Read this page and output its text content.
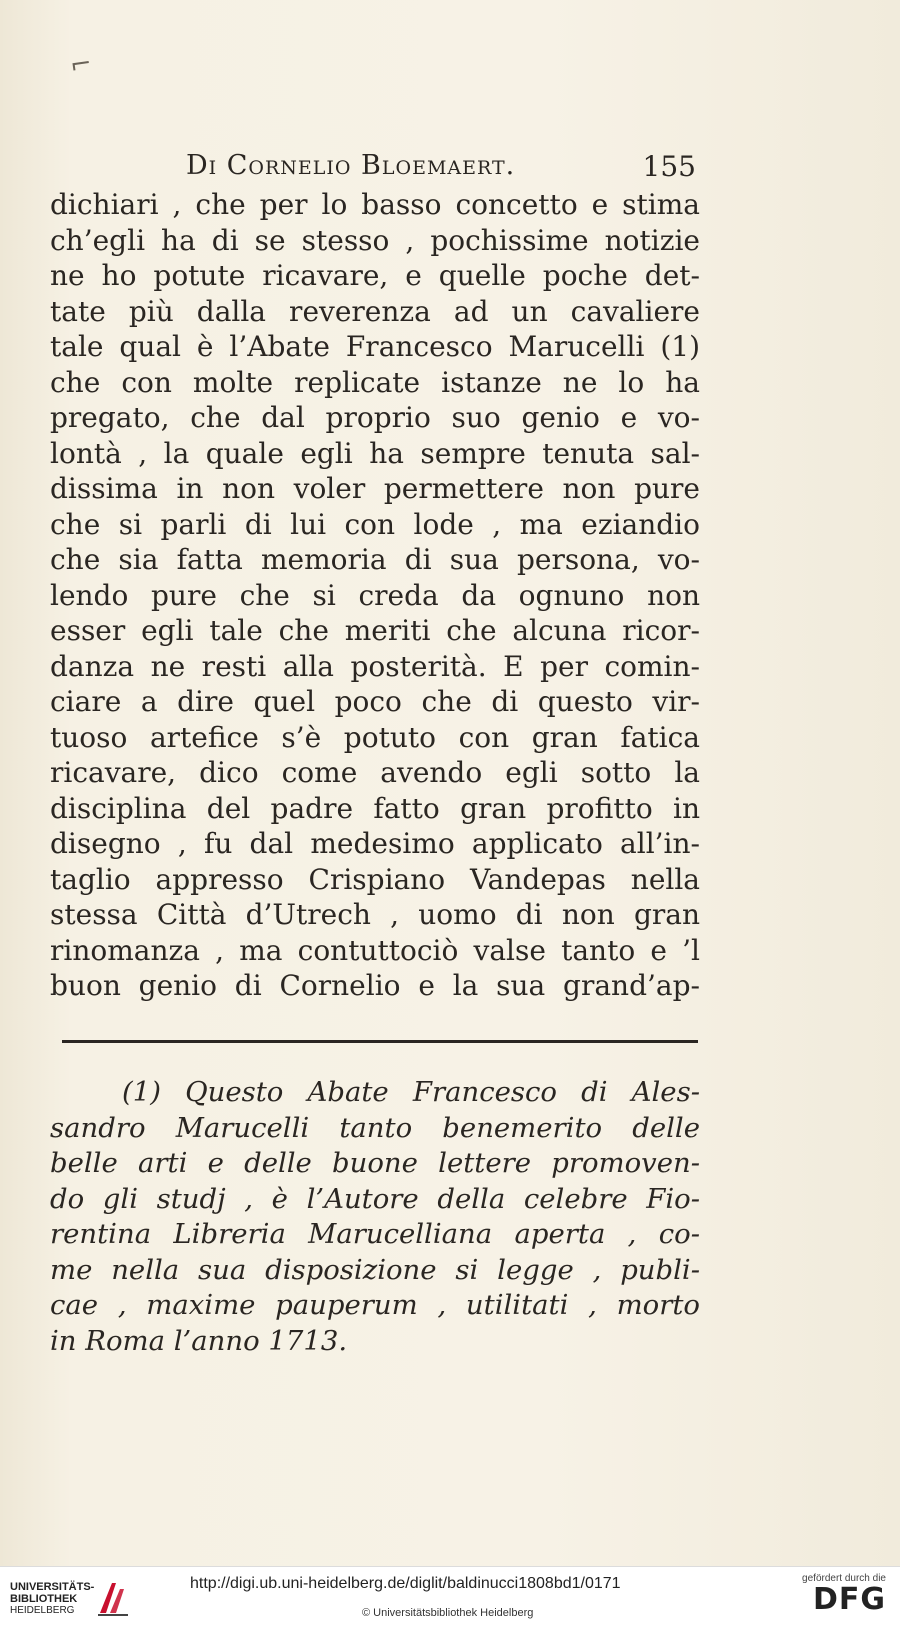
⌐
Di Cornelio Bloemaert.	155
dichiari , che per lo basso concetto e stima
ch’egli ha di se stesso , pochissime notizie
ne ho potute ricavare, e quelle poche det-
tate più dalla reverenza ad un cavaliere
tale qual è l’Abate Francesco Marucelli (1)
che con molte replicate istanze ne lo ha
pregato, che dal proprio suo genio e vo-
lontà , la quale egli ha sempre tenuta sal-
dissima in non voler permettere non pure
che si parli di lui con lode , ma eziandio
che sia fatta memoria di sua persona, vo-
lendo pure che si creda da ognuno non
esser egli tale che meriti che alcuna ricor-
danza ne resti alla posterità. E per comin-
ciare a dire quel poco che di questo vir-
tuoso artefice s’è potuto con gran fatica
ricavare, dico come avendo egli sotto la
disciplina del padre fatto gran profitto in
disegno , fu dal medesimo applicato all’in-
taglio appresso Crispiano Vandepas nella
stessa Città d’Utrech , uomo di non gran
rinomanza , ma contuttociò valse tanto e ’l
buon genio di Cornelio e la sua grand’ap-
(1) Questo Abate Francesco di Ales-
sandro Marucelli tanto benemerito delle
belle arti e delle buone lettere promoven-
do gli studj , è l’Autore della celebre Fio-
rentina Libreria Marucelliana aperta , co-
me nella sua disposizione si legge , publi-
cae , maxime pauperum , utilitati , morto
in Roma l’anno 1713.
UNIVERSITÄTS-
BIBLIOTHEK
HEIDELBERG
http://digi.ub.uni-heidelberg.de/diglit/baldinucci1808bd1/0171
© Universitätsbibliothek Heidelberg
gefördert durch die
DFG
